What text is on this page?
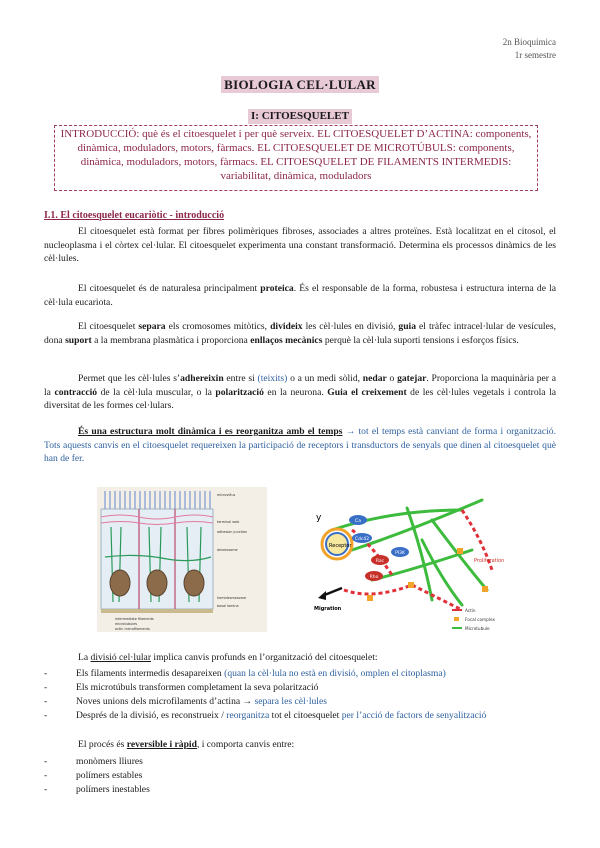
2n Bioquímica
1r semestre
BIOLOGIA CEL·LULAR
I: CITOESQUELET
INTRODUCCIÓ: què és el citoesquelet i per què serveix. EL CITOESQUELET D’ACTINA: components, dinàmica, moduladors, motors, fàrmacs. EL CITOESQUELET DE MICROTÚBULS: components, dinàmica, moduladors, motors, fàrmacs. EL CITOESQUELET DE FILAMENTS INTERMEDIS: variabilitat, dinàmica, moduladors
I.1. El citoesquelet eucariòtic - introducció
El citoesquelet està format per fibres polimèriques fibroses, associades a altres proteïnes. Està localitzat en el citosol, el nucleoplasma i el còrtex cel·lular. El citoesquelet experimenta una constant transformació. Determina els processos dinàmics de les cèl·lules.
El citoesquelet és de naturalesa principalment proteica. És el responsable de la forma, robustesa i estructura interna de la cèl·lula eucariota.
El citoesquelet separa els cromosomes mitòtics, divideix les cèl·lules en divisió, guia el tràfec intracel·lular de vesícules, dona suport a la membrana plasmàtica i proporciona enllaços mecànics perquè la cèl·lula suporti tensions i esforços físics.
Permet que les cèl·lules s’adhereixin entre si (teixits) o a un medi sòlid, nedar o gatejar. Proporciona la maquinària per a la contracció de la cèl·lula muscular, o la polarització en la neurona. Guia el creixement de les cèl·lules vegetals i controla la diversitat de les formes cel·lulars.
És una estructura molt dinàmica i es reorganitza amb el temps → tot el temps està canviant de forma i organització. Tots aquests canvis en el citoesquelet requereixen la participació de receptors i transductors de senyals que dinen al citoesquelet què han de fer.
microvillus
terminal web
adhesion junction
desmosome
hemidesmosome
basal lamina
intermediate filaments
microtubules
actin microfilaments
y
Receptor
Ca
Cdc42
Rac
Rho
PI3K
Migration	Actin
Focal complex
Microtubule
Proliferation
La divisió cel·lular implica canvis profunds en l’organització del citoesquelet:
-	Els filaments intermedis desapareixen (quan la cèl·lula no està en divisió, omplen el citoplasma)
-	Els microtúbuls transformen completament la seva polarització
-	Noves unions dels microfilaments d’actina → separa les cèl·lules
-	Després de la divisió, es reconstrueix / reorganitza tot el citoesquelet per l’acció de factors de senyalització
El procés és reversible i ràpid, i comporta canvis entre:
-	monòmers lliures
-	polímers estables
-	polímers inestables
